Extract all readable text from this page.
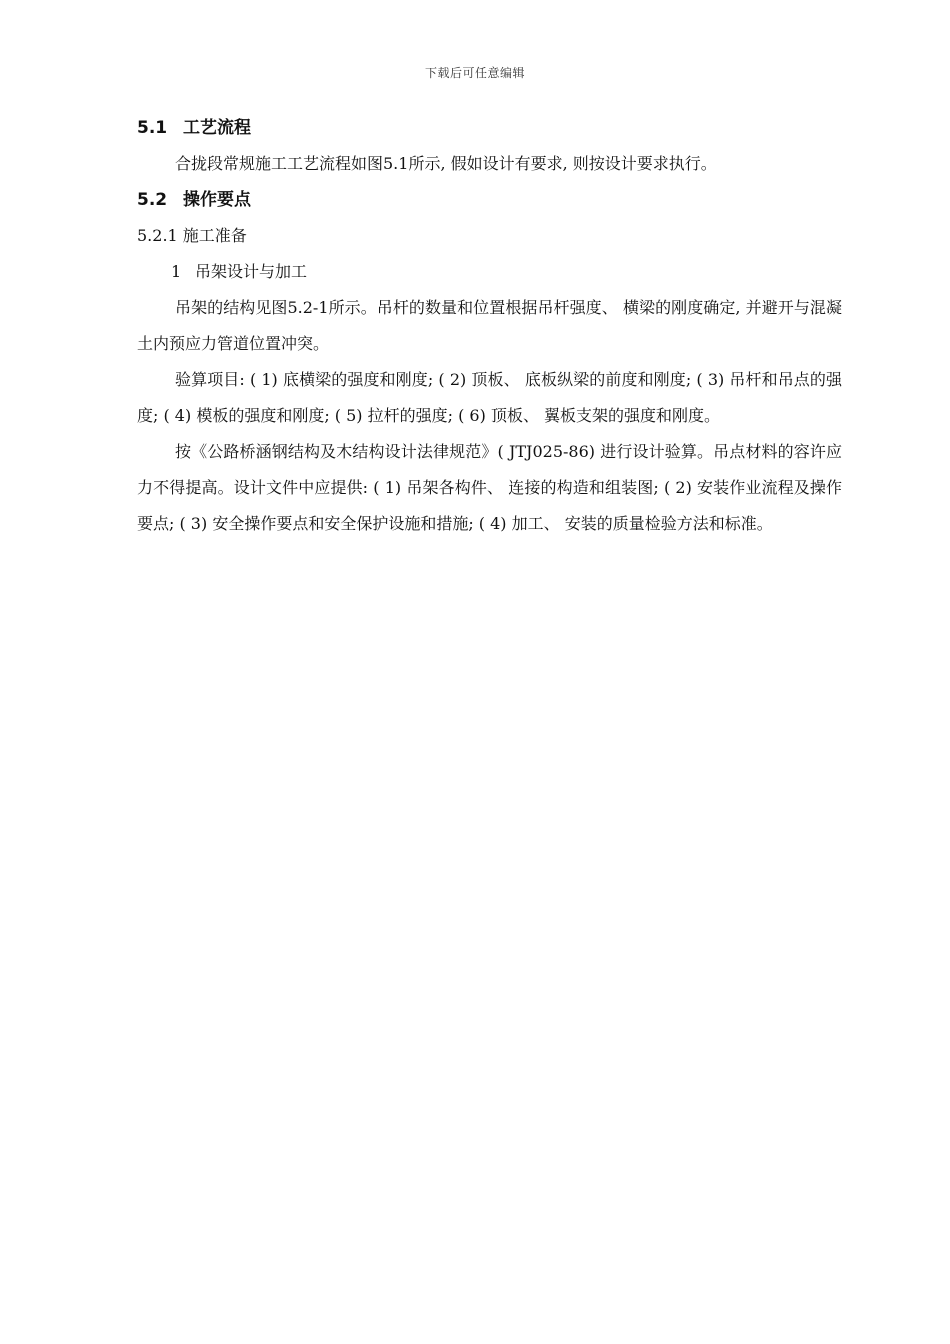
下载后可任意编辑
5.1 工艺流程

合拢段常规施工工艺流程如图5.1所示, 假如设计有要求, 则按设计要求执行。

5.2 操作要点
5.2.1 施工准备
1 吊架设计与加工

吊架的结构见图5.2-1所示。吊杆的数量和位置根据吊杆强度、 横梁的刚度确定, 并避开与混凝土内预应力管道位置冲突。

验算项目: ( 1) 底横梁的强度和刚度; ( 2) 顶板、 底板纵梁的前度和刚度; ( 3) 吊杆和吊点的强度; ( 4) 模板的强度和刚度; ( 5) 拉杆的强度; ( 6) 顶板、 翼板支架的强度和刚度。

按《公路桥涵钢结构及木结构设计法律规范》( JTJ025-86) 进行设计验算。吊点材料的容许应力不得提高。设计文件中应提供: ( 1) 吊架各构件、 连接的构造和组装图; ( 2) 安装作业流程及操作要点; ( 3) 安全操作要点和安全保护设施和措施; ( 4) 加工、 安装的质量检验方法和标准。
